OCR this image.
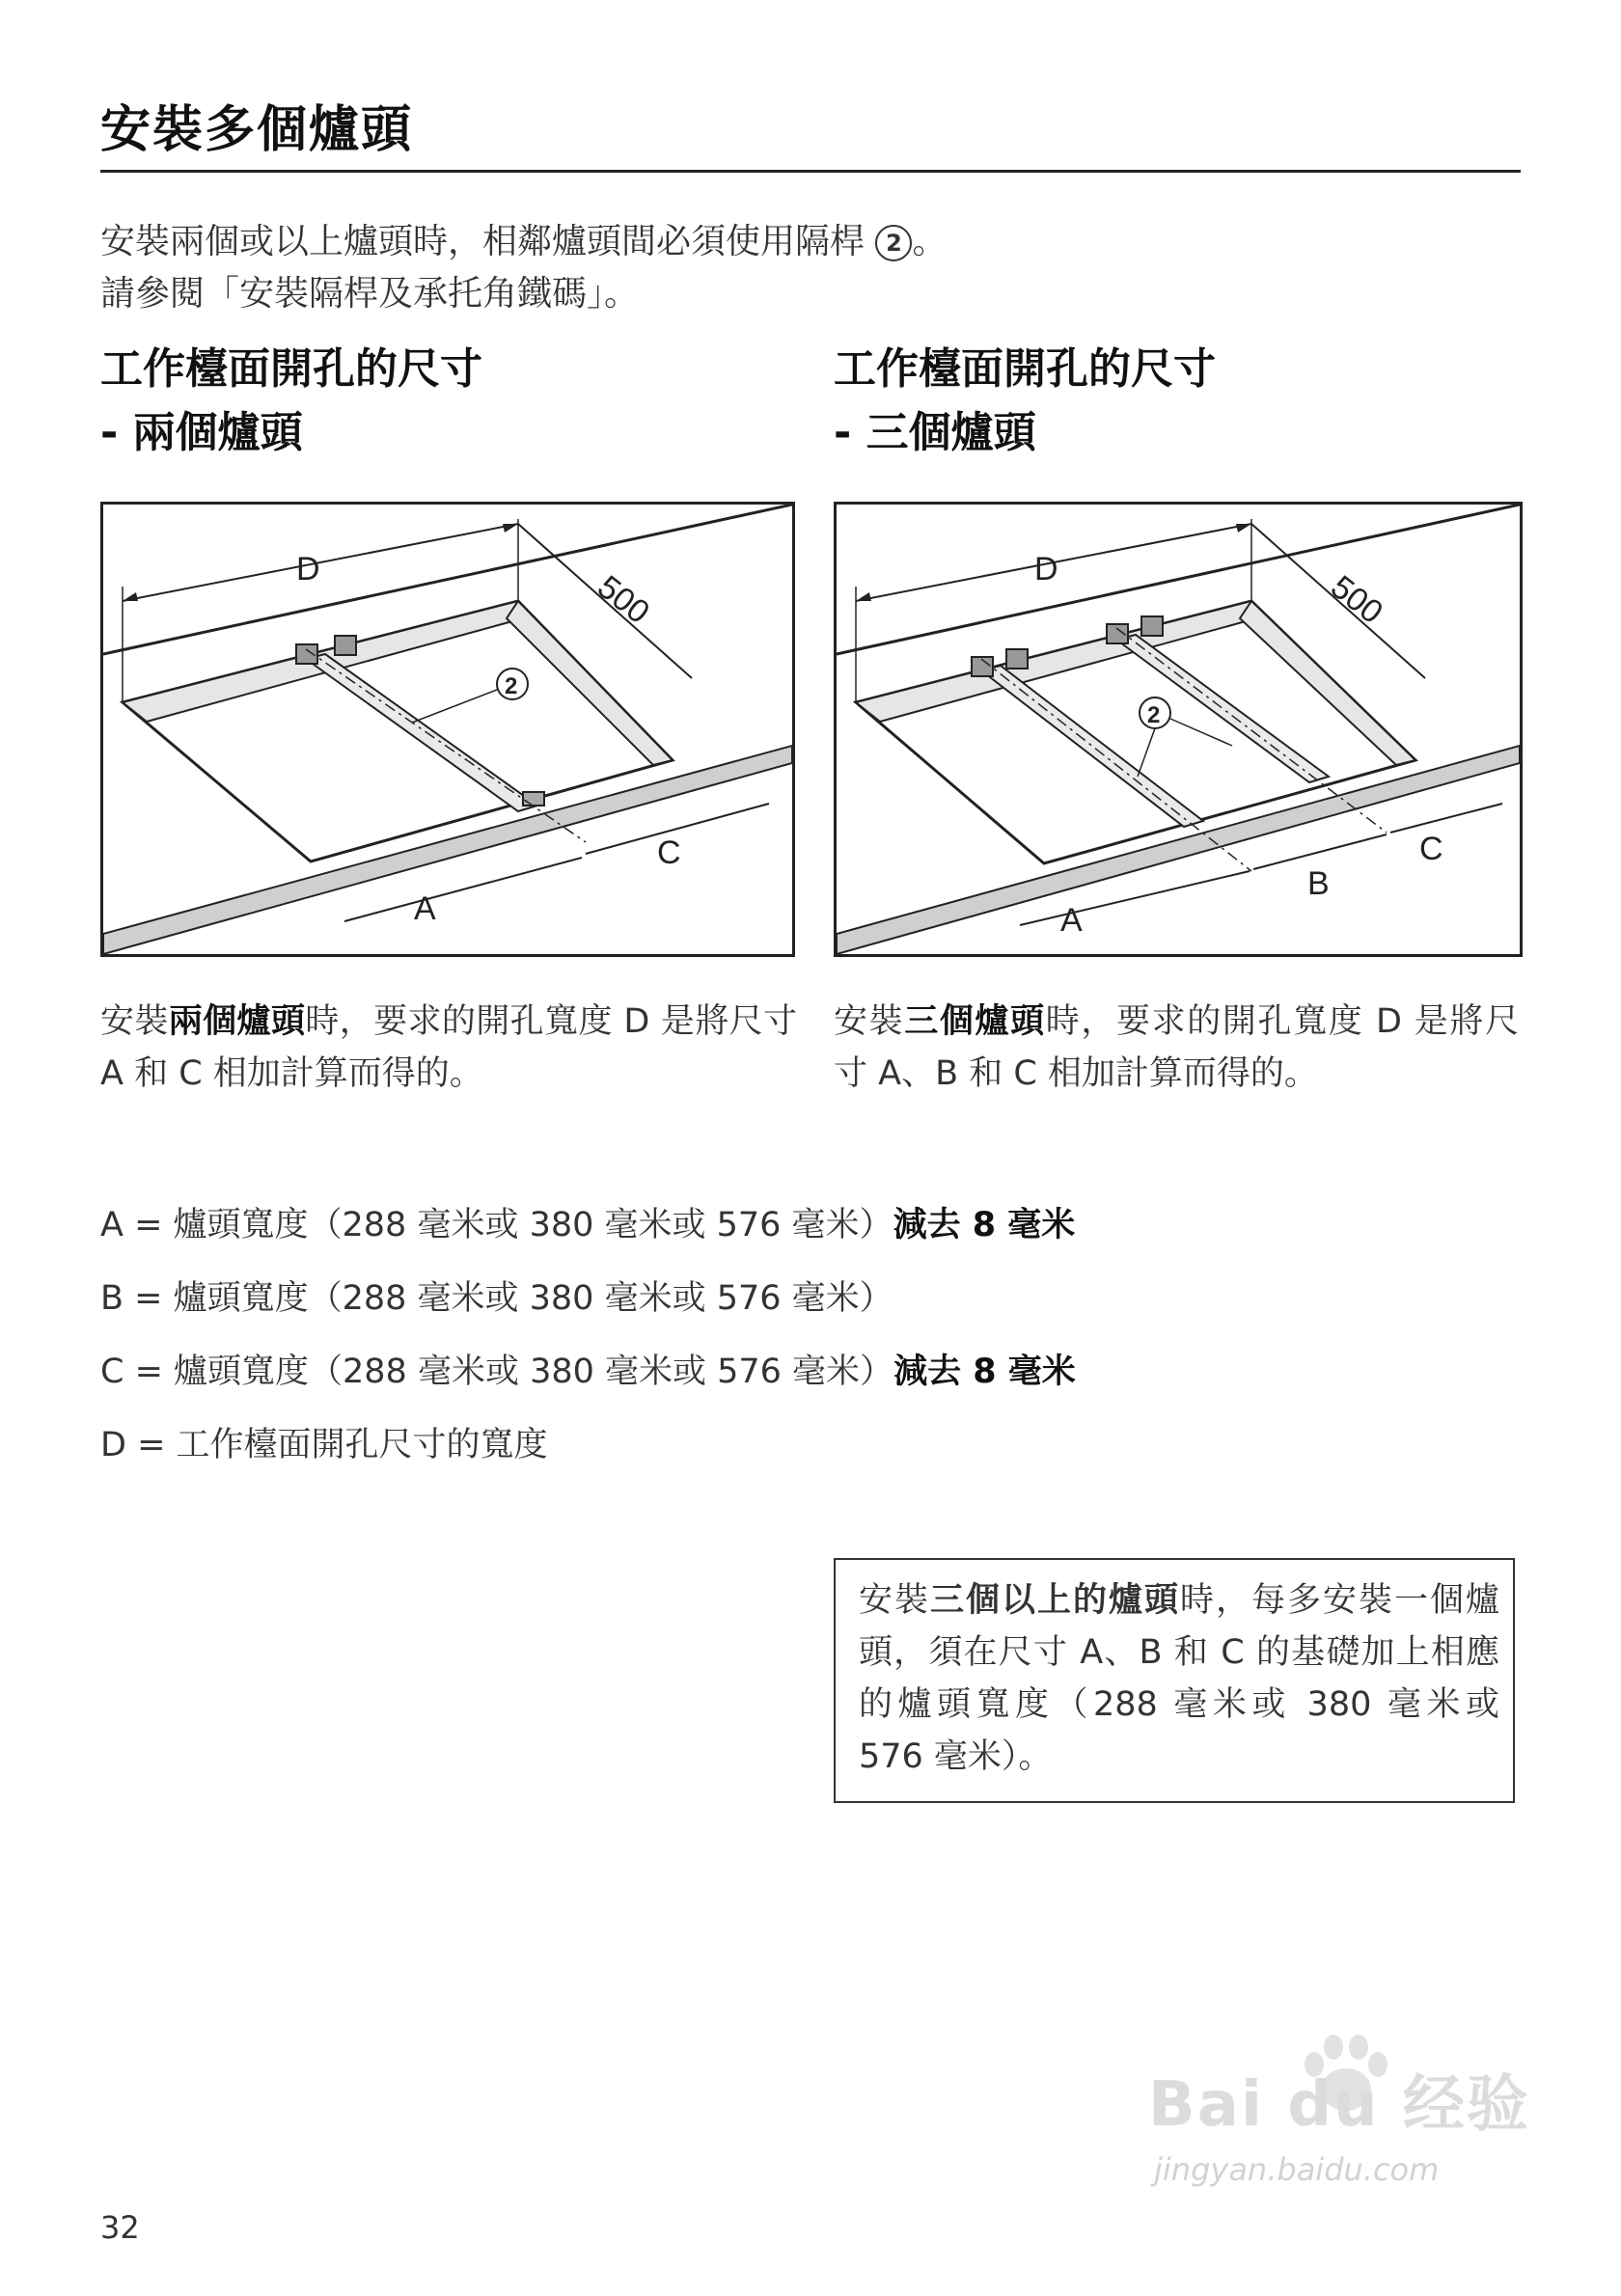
安裝多個爐頭
安裝兩個或以上爐頭時，相鄰爐頭間必須使用隔桿 2 。
請參閱「安裝隔桿及承托角鐵碼」。
工作檯面開孔的尺寸
- 兩個爐頭
D	500
2
A
C
安裝兩個爐頭時，要求的開孔寬度 D 是將尺寸 A 和 C 相加計算而得的。
工作檯面開孔的尺寸
- 三個爐頭
D	500
2
A
B
C
安裝三個爐頭時，要求的開孔寬度 D 是將尺寸 A、B 和 C 相加計算而得的。
A = 爐頭寬度（288 毫米或 380 毫米或 576 毫米）減去 8 毫米
B = 爐頭寬度（288 毫米或 380 毫米或 576 毫米）
C = 爐頭寬度（288 毫米或 380 毫米或 576 毫米）減去 8 毫米
D = 工作檯面開孔尺寸的寬度
安裝三個以上的爐頭時，每多安裝一個爐頭，須在尺寸 A、B 和 C 的基礎加上相應的爐頭寬度（288 毫米或 380 毫米或 576 毫米）。
32
Bai du 经验
jingyan.baidu.com
